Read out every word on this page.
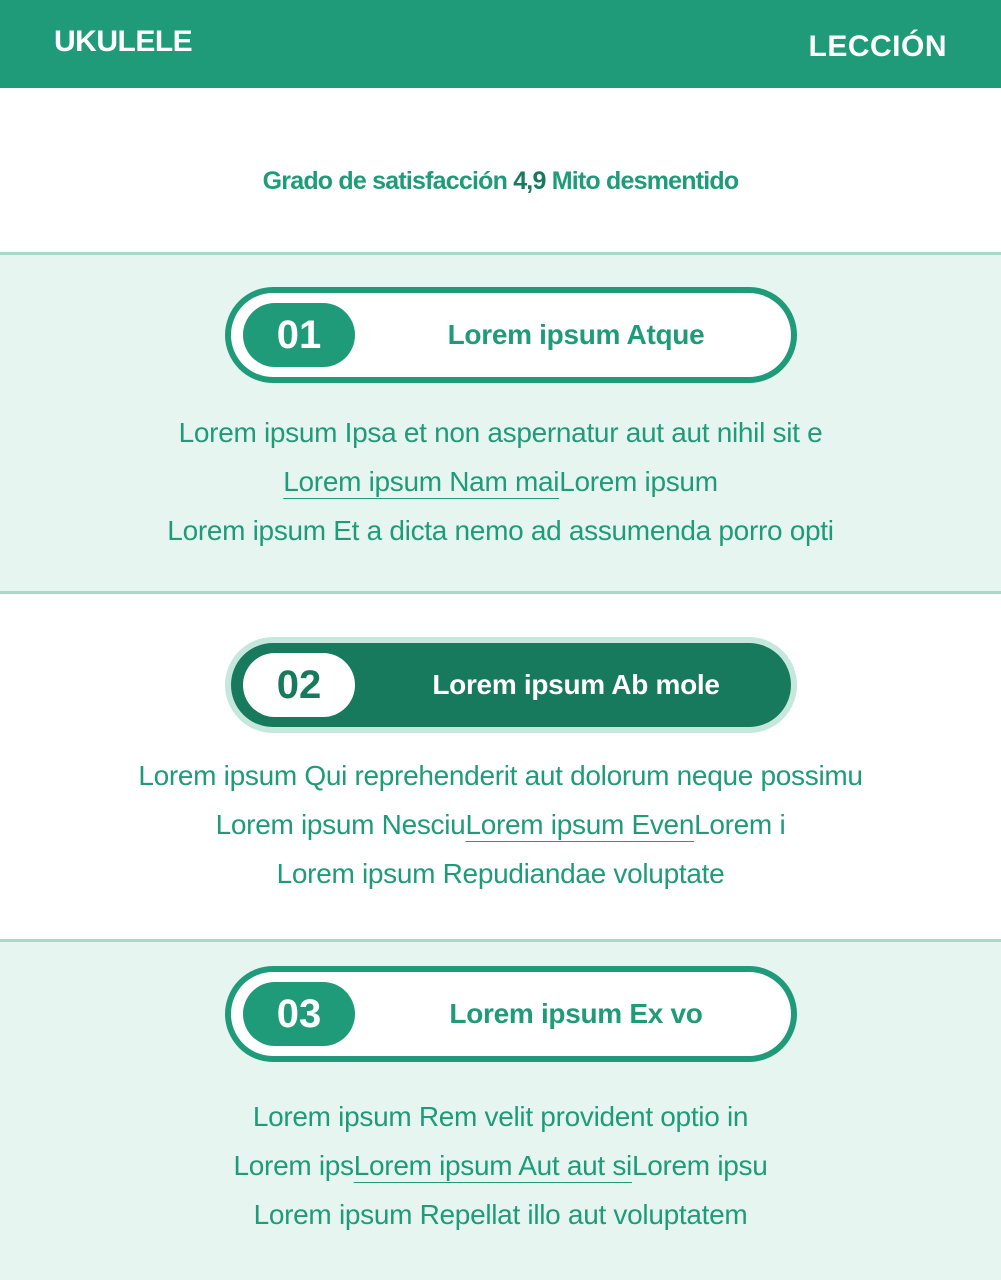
UKULELE	LECCIÓN
Grado de satisfacción 4,9 Mito desmentido
01	Lorem ipsum Atque
Lorem ipsum Ipsa et non aspernatur aut aut nihil sit e
Lorem ipsum Nam maiLorem ipsum
Lorem ipsum Et a dicta nemo ad assumenda porro opti
02	Lorem ipsum Ab mole
Lorem ipsum Qui reprehenderit aut dolorum neque possimu
Lorem ipsum NesciuLorem ipsum EvenLorem i
Lorem ipsum Repudiandae voluptate
03	Lorem ipsum Ex vo
Lorem ipsum Rem velit provident optio in
Lorem ipsLorem ipsum Aut aut siLorem ipsu
Lorem ipsum Repellat illo aut voluptatem
